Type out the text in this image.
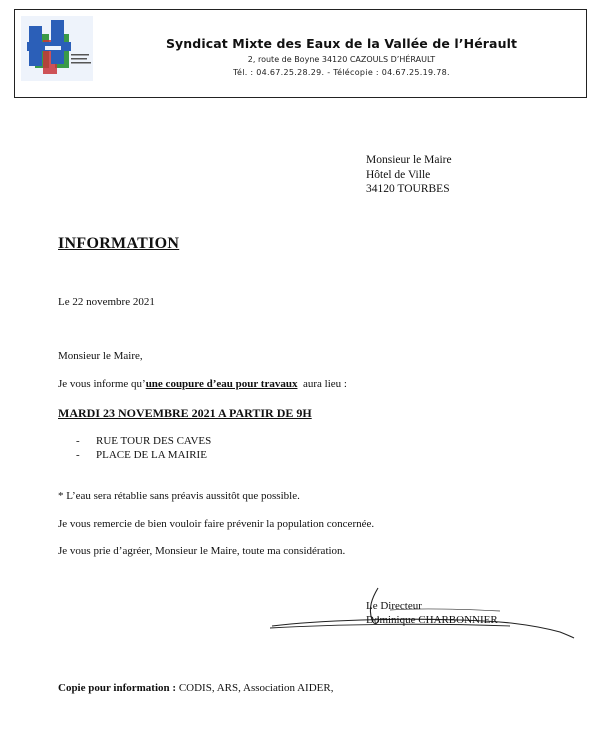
Syndicat Mixte des Eaux de la Vallée de l’Hérault
2, route de Boyne 34120 CAZOULS D’HÉRAULT
Tél. : 04.67.25.28.29. - Télécopie : 04.67.25.19.78.
Monsieur le Maire
Hôtel de Ville
34120 TOURBES
INFORMATION
Le 22 novembre 2021
Monsieur le Maire,
Je vous informe qu’une coupure d’eau pour travaux  aura lieu :
MARDI 23 NOVEMBRE 2021 A PARTIR DE 9H
- RUE TOUR DES CAVES
- PLACE DE LA MAIRIE
* L’eau sera rétablie sans préavis aussitôt que possible.
Je vous remercie de bien vouloir faire prévenir la population concernée.
Je vous prie d’agréer, Monsieur le Maire, toute ma considération.
Le Directeur
Dominique CHARBONNIER
Copie pour information : CODIS, ARS, Association AIDER,
